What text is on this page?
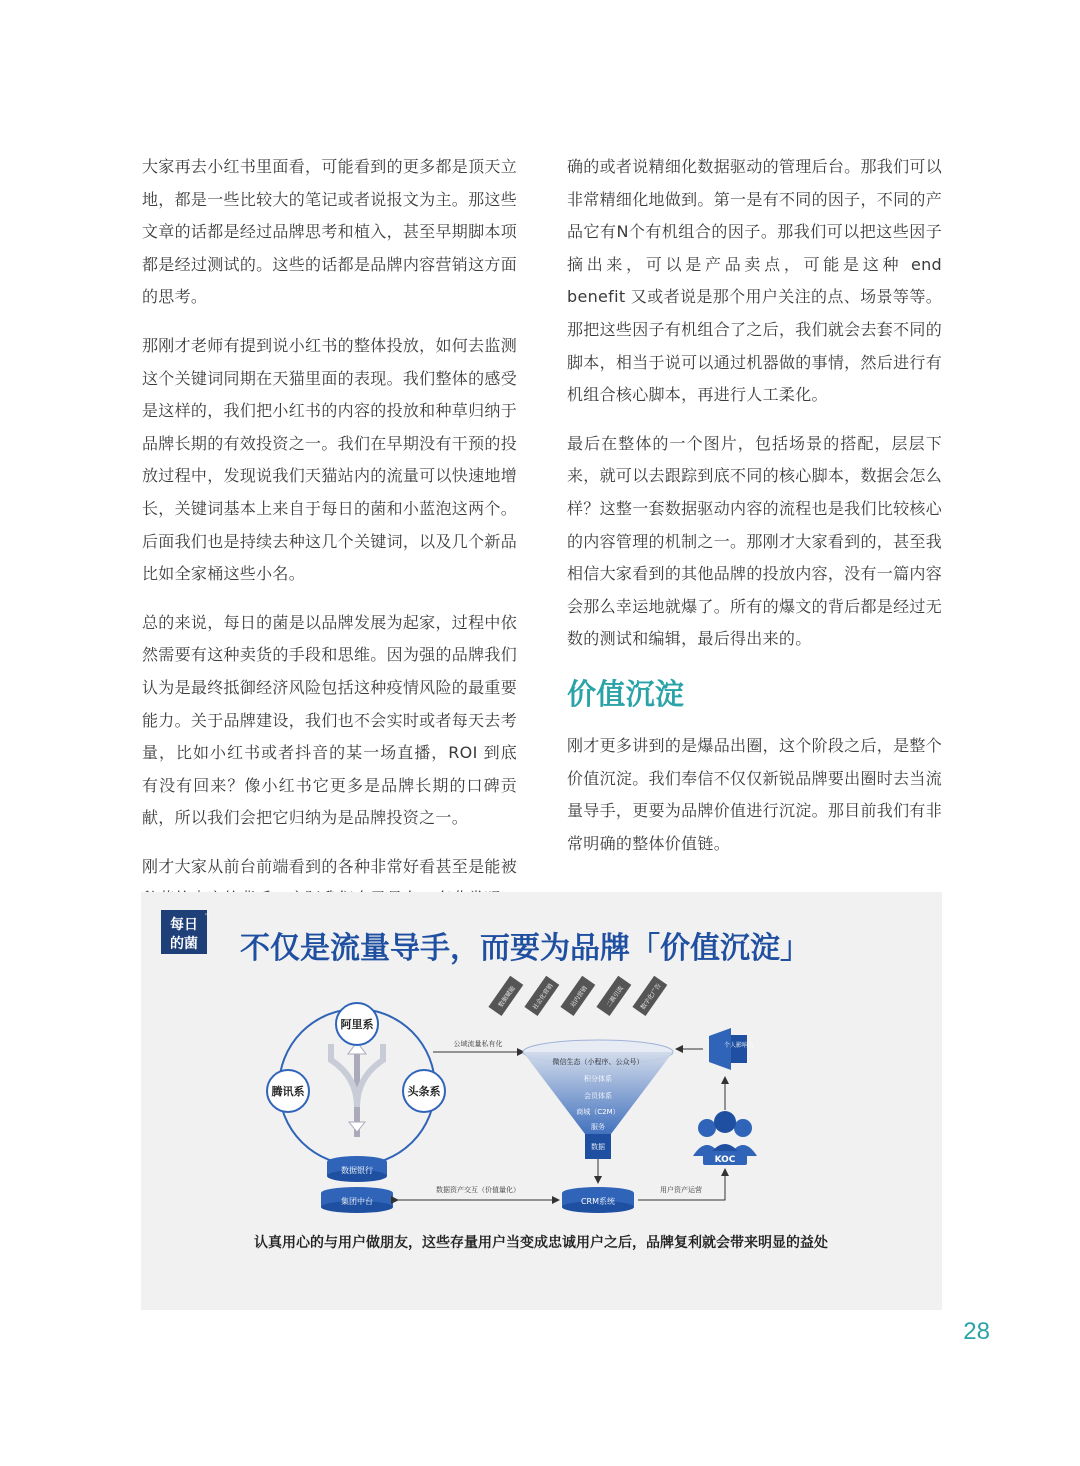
大家再去小红书里面看，可能看到的更多都是顶天立地，都是一些比较大的笔记或者说报文为主。那这些文章的话都是经过品牌思考和植入，甚至早期脚本项都是经过测试的。这些的话都是品牌内容营销这方面的思考。

那刚才老师有提到说小红书的整体投放，如何去监测这个关键词同期在天猫里面的表现。我们整体的感受是这样的，我们把小红书的内容的投放和种草归纳于品牌长期的有效投资之一。我们在早期没有干预的投放过程中，发现说我们天猫站内的流量可以快速地增长，关键词基本上来自于每日的菌和小蓝泡这两个。后面我们也是持续去种这几个关键词，以及几个新品比如全家桶这些小名。

总的来说，每日的菌是以品牌发展为起家，过程中依然需要有这种卖货的手段和思维。因为强的品牌我们认为是最终抵御经济风险包括这种疫情风险的最重要能力。关于品牌建设，我们也不会实时或者每天去考量，比如小红书或者抖音的某一场直播，ROI 到底有没有回来？像小红书它更多是品牌长期的口碑贡献，所以我们会把它归纳为是品牌投资之一。

刚才大家从前台前端看到的各种非常好看甚至是能被

确的或者说精细化数据驱动的管理后台。那我们可以非常精细化地做到。第一是有不同的因子，不同的产品它有N个有机组合的因子。那我们可以把这些因子摘出来，可以是产品卖点，可能是这种 end benefit 又或者说是那个用户关注的点、场景等等。那把这些因子有机组合了之后，我们就会去套不同的脚本，相当于说可以通过机器做的事情，然后进行有机组合核心脚本，再进行人工柔化。

最后在整体的一个图片，包括场景的搭配，层层下来，就可以去跟踪到底不同的核心脚本，数据会怎么样？这整一套数据驱动内容的流程也是我们比较核心的内容管理的机制之一。那刚才大家看到的，甚至我相信大家看到的其他品牌的投放内容，没有一篇内容会那么幸运地就爆了。所有的爆文的背后都是经过无数的测试和编辑，最后得出来的。

价值沉淀

刚才更多讲到的是爆品出圈，这个阶段之后，是整个价值沉淀。我们奉信不仅仅新锐品牌要出圈时去当流量导手，更要为品牌价值进行沉淀。那目前我们有非常明确的整体价值链。

每日
的菌
™
不仅是流量导手，而要为品牌「价值沉淀」
阿里系
腾讯系	头条系
数据银行
集团中台
公域流量私有化
数据赋能 社会化营销 站内营销	二跳引流 数字化广告
微信生态（小程序、公众号）
积分体系
会员体系
商城（C2M）
服务
数据
CRM系统
数据资产交互（价值量化）	用户资产运营
KOC
个人影响力
认真用心的与用户做朋友，这些存量用户当变成忠诚用户之后，品牌复利就会带来明显的益处
28
